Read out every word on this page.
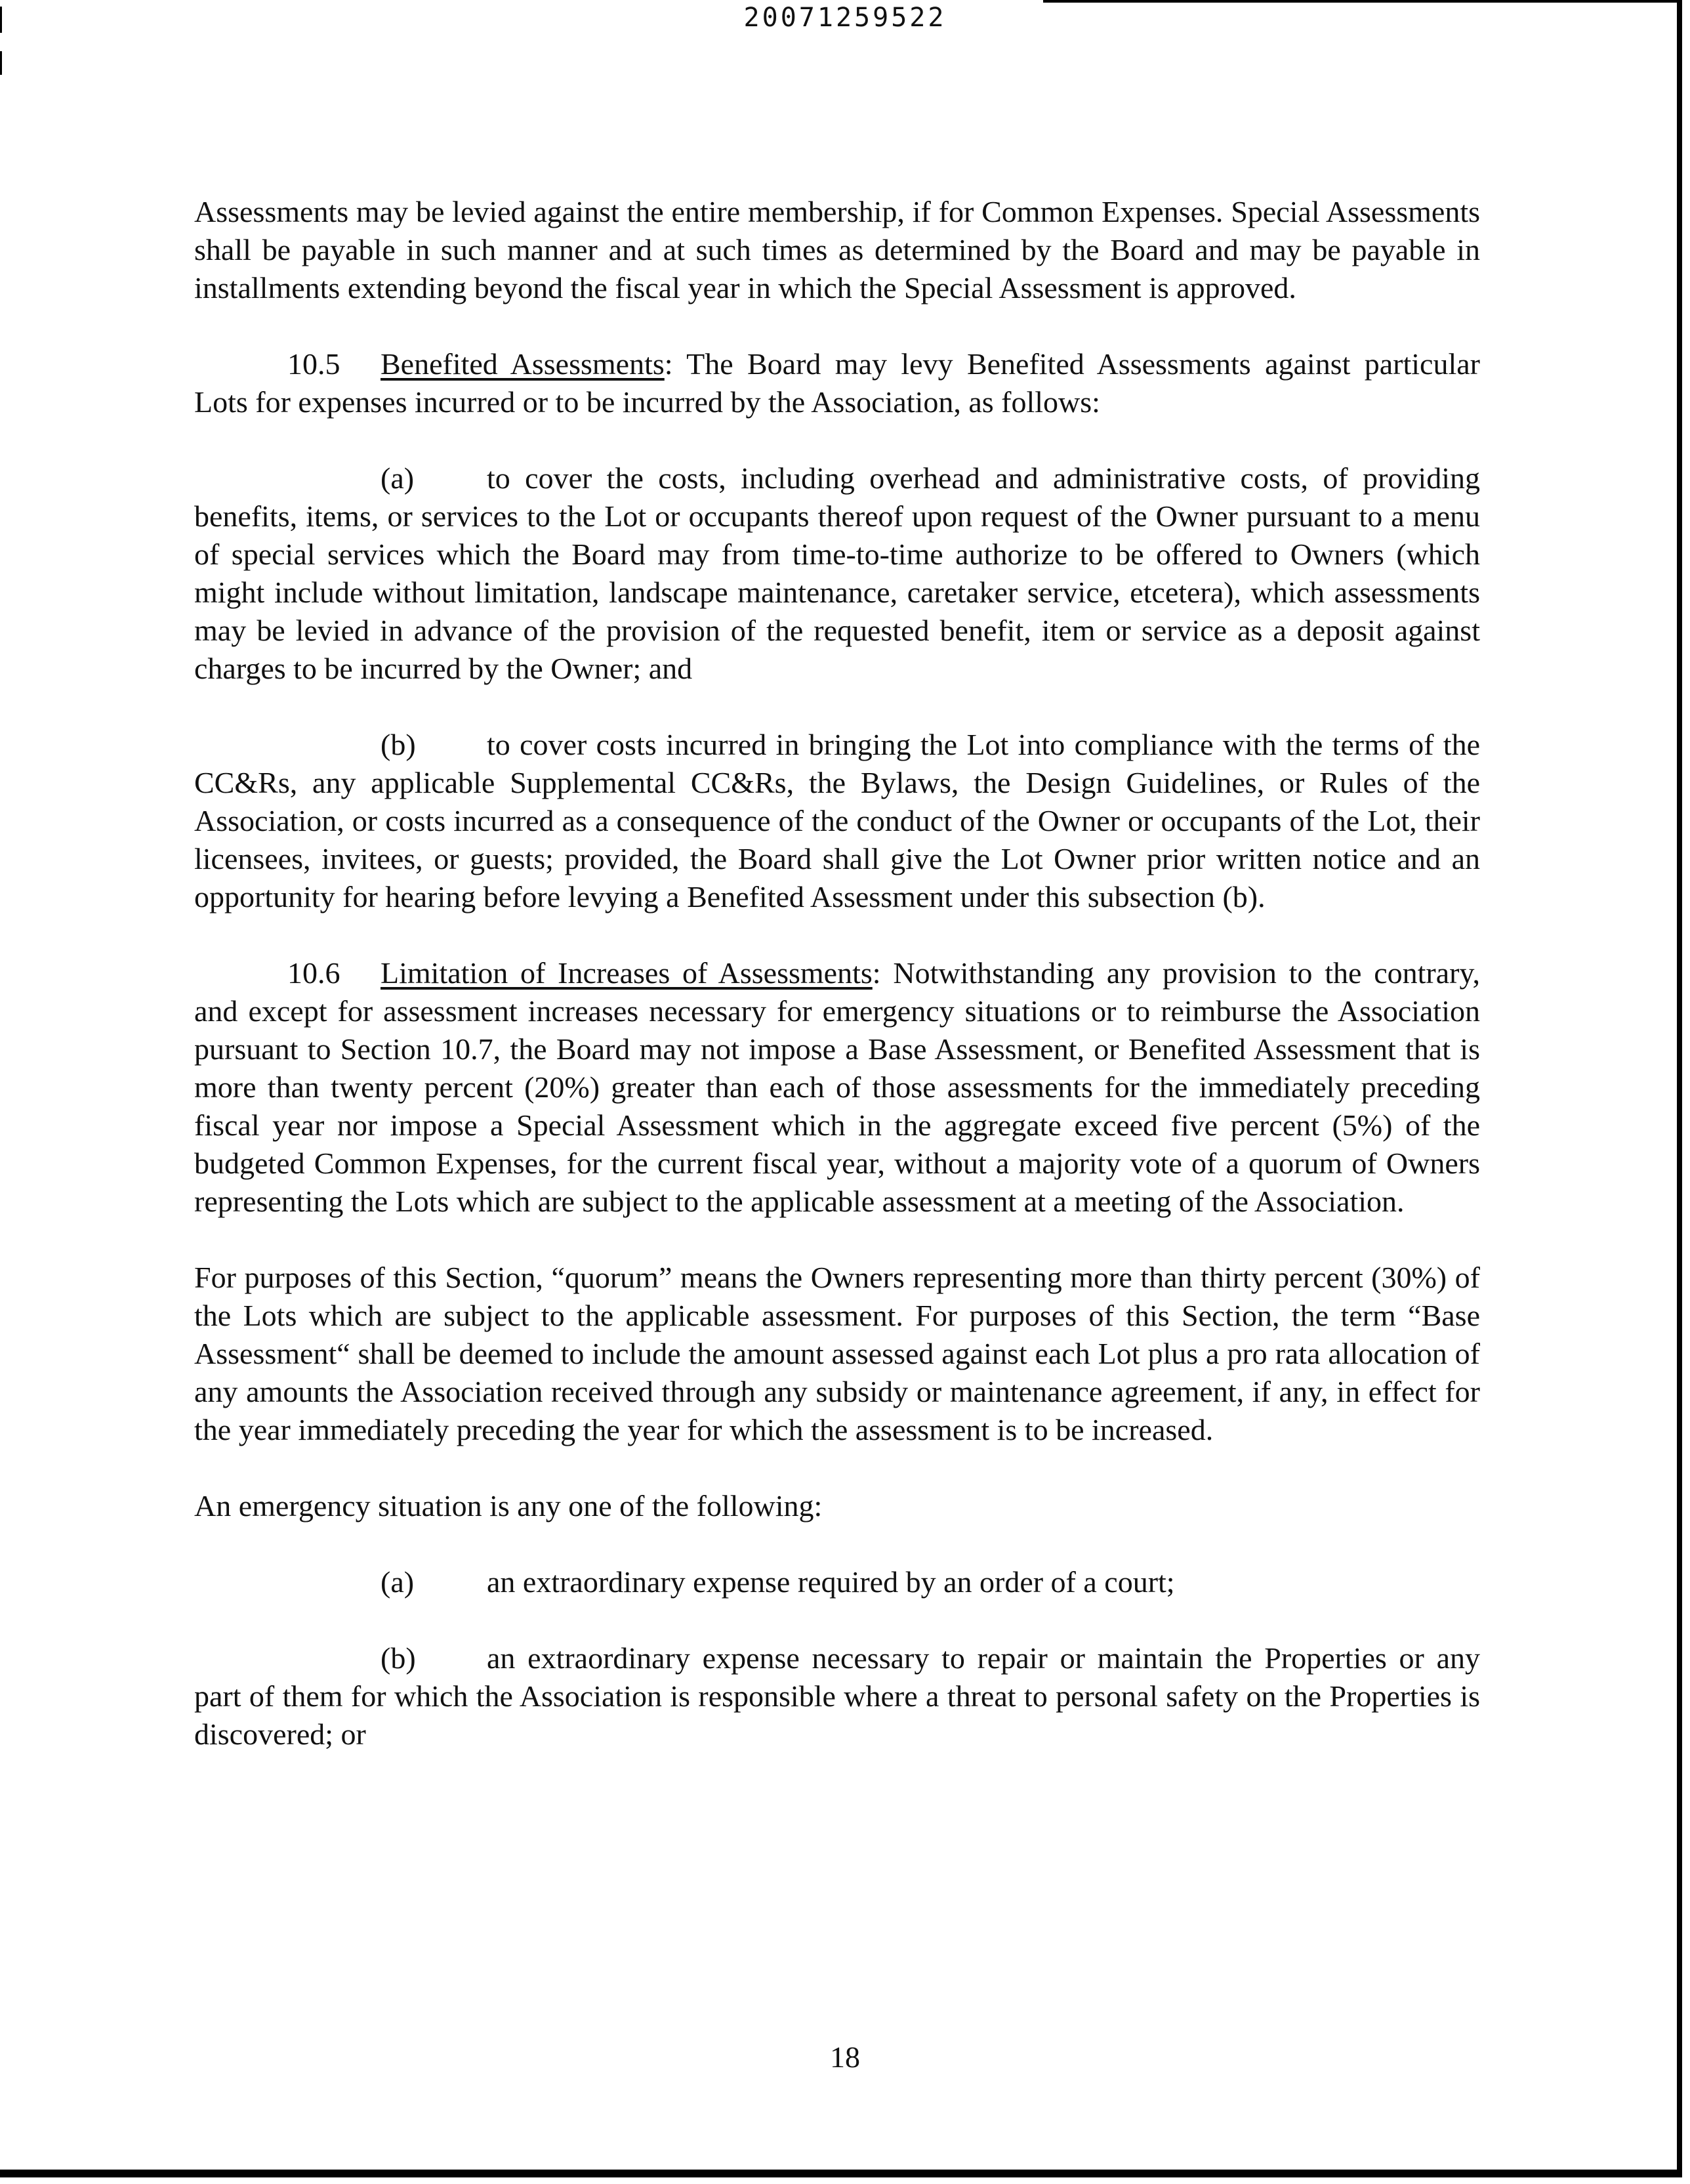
20071259522

Assessments may be levied against the entire membership, if for Common Expenses. Special Assessments shall be payable in such manner and at such times as determined by the Board and may be payable in installments extending beyond the fiscal year in which the Special Assessment is approved.

10.5 Benefited Assessments: The Board may levy Benefited Assessments against particular Lots for expenses incurred or to be incurred by the Association, as follows:

(a) to cover the costs, including overhead and administrative costs, of providing benefits, items, or services to the Lot or occupants thereof upon request of the Owner pursuant to a menu of special services which the Board may from time-to-time authorize to be offered to Owners (which might include without limitation, landscape maintenance, caretaker service, etcetera), which assessments may be levied in advance of the provision of the requested benefit, item or service as a deposit against charges to be incurred by the Owner; and

(b) to cover costs incurred in bringing the Lot into compliance with the terms of the CC&Rs, any applicable Supplemental CC&Rs, the Bylaws, the Design Guidelines, or Rules of the Association, or costs incurred as a consequence of the conduct of the Owner or occupants of the Lot, their licensees, invitees, or guests; provided, the Board shall give the Lot Owner prior written notice and an opportunity for hearing before levying a Benefited Assessment under this subsection (b).

10.6 Limitation of Increases of Assessments: Notwithstanding any provision to the contrary, and except for assessment increases necessary for emergency situations or to reimburse the Association pursuant to Section 10.7, the Board may not impose a Base Assessment, or Benefited Assessment that is more than twenty percent (20%) greater than each of those assessments for the immediately preceding fiscal year nor impose a Special Assessment which in the aggregate exceed five percent (5%) of the budgeted Common Expenses, for the current fiscal year, without a majority vote of a quorum of Owners representing the Lots which are subject to the applicable assessment at a meeting of the Association.

For purposes of this Section, “quorum” means the Owners representing more than thirty percent (30%) of the Lots which are subject to the applicable assessment. For purposes of this Section, the term “Base Assessment“ shall be deemed to include the amount assessed against each Lot plus a pro rata allocation of any amounts the Association received through any subsidy or maintenance agreement, if any, in effect for the year immediately preceding the year for which the assessment is to be increased.

An emergency situation is any one of the following:

(a) an extraordinary expense required by an order of a court;

(b) an extraordinary expense necessary to repair or maintain the Properties or any part of them for which the Association is responsible where a threat to personal safety on the Properties is discovered; or

18
